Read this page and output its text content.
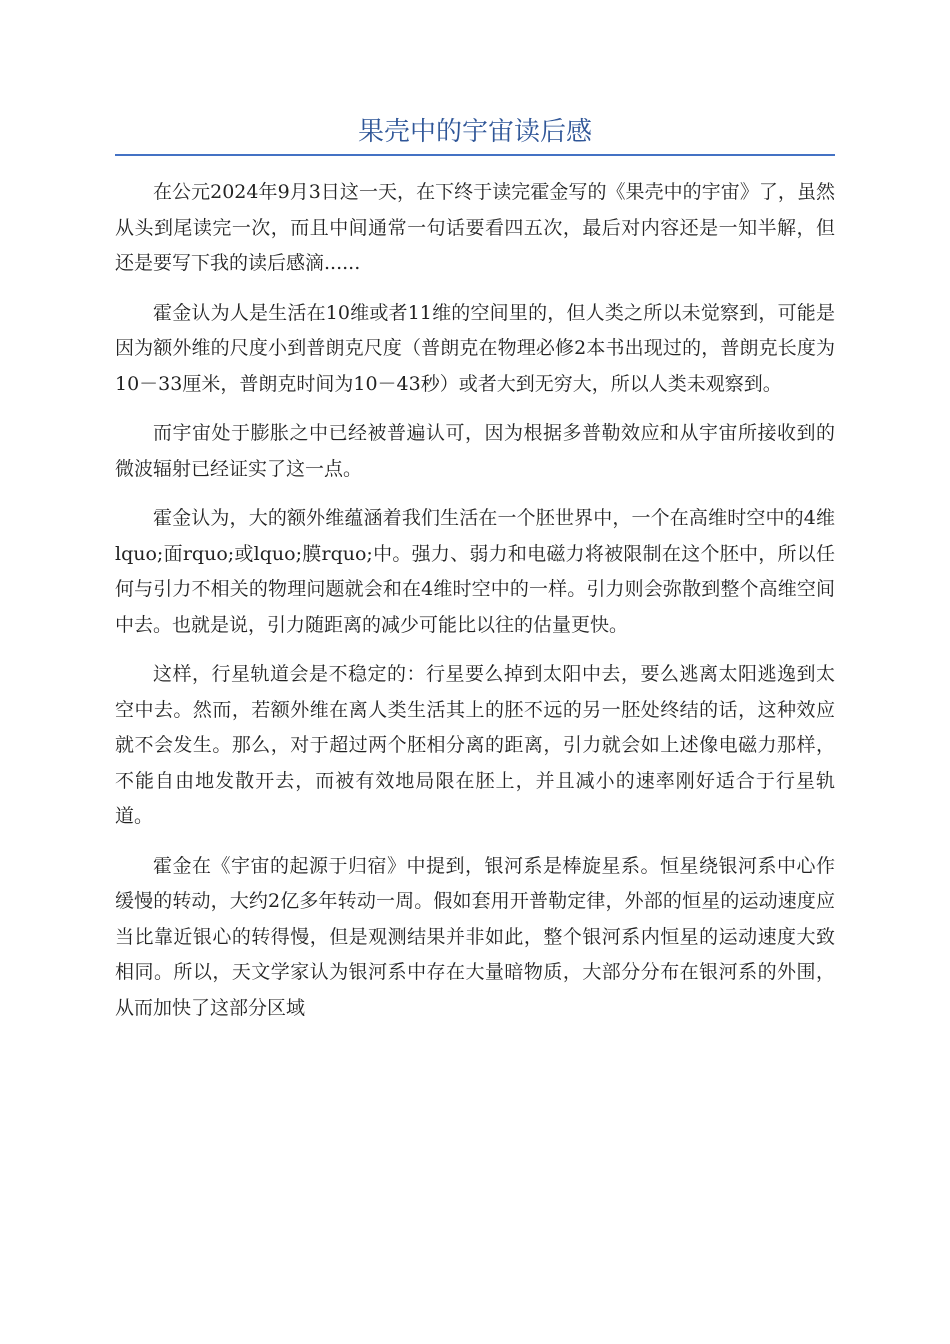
果壳中的宇宙读后感

在公元2024年9月3日这一天，在下终于读完霍金写的《果壳中的宇宙》了，虽然从头到尾读完一次，而且中间通常一句话要看四五次，最后对内容还是一知半解，但还是要写下我的读后感滴......

霍金认为人是生活在10维或者11维的空间里的，但人类之所以未觉察到，可能是因为额外维的尺度小到普朗克尺度（普朗克在物理必修2本书出现过的，普朗克长度为10－33厘米，普朗克时间为10－43秒）或者大到无穷大，所以人类未观察到。

而宇宙处于膨胀之中已经被普遍认可，因为根据多普勒效应和从宇宙所接收到的微波辐射已经证实了这一点。

霍金认为，大的额外维蕴涵着我们生活在一个胚世界中，一个在高维时空中的4维lquo;面rquo;或lquo;膜rquo;中。强力、弱力和电磁力将被限制在这个胚中，所以任何与引力不相关的物理问题就会和在4维时空中的一样。引力则会弥散到整个高维空间中去。也就是说，引力随距离的减少可能比以往的估量更快。

这样，行星轨道会是不稳定的：行星要么掉到太阳中去，要么逃离太阳逃逸到太空中去。然而，若额外维在离人类生活其上的胚不远的另一胚处终结的话，这种效应就不会发生。那么，对于超过两个胚相分离的距离，引力就会如上述像电磁力那样，不能自由地发散开去，而被有效地局限在胚上，并且减小的速率刚好适合于行星轨道。

霍金在《宇宙的起源于归宿》中提到，银河系是棒旋星系。恒星绕银河系中心作缓慢的转动，大约2亿多年转动一周。假如套用开普勒定律，外部的恒星的运动速度应当比靠近银心的转得慢，但是观测结果并非如此，整个银河系内恒星的运动速度大致相同。所以，天文学家认为银河系中存在大量暗物质，大部分分布在银河系的外围，从而加快了这部分区域
